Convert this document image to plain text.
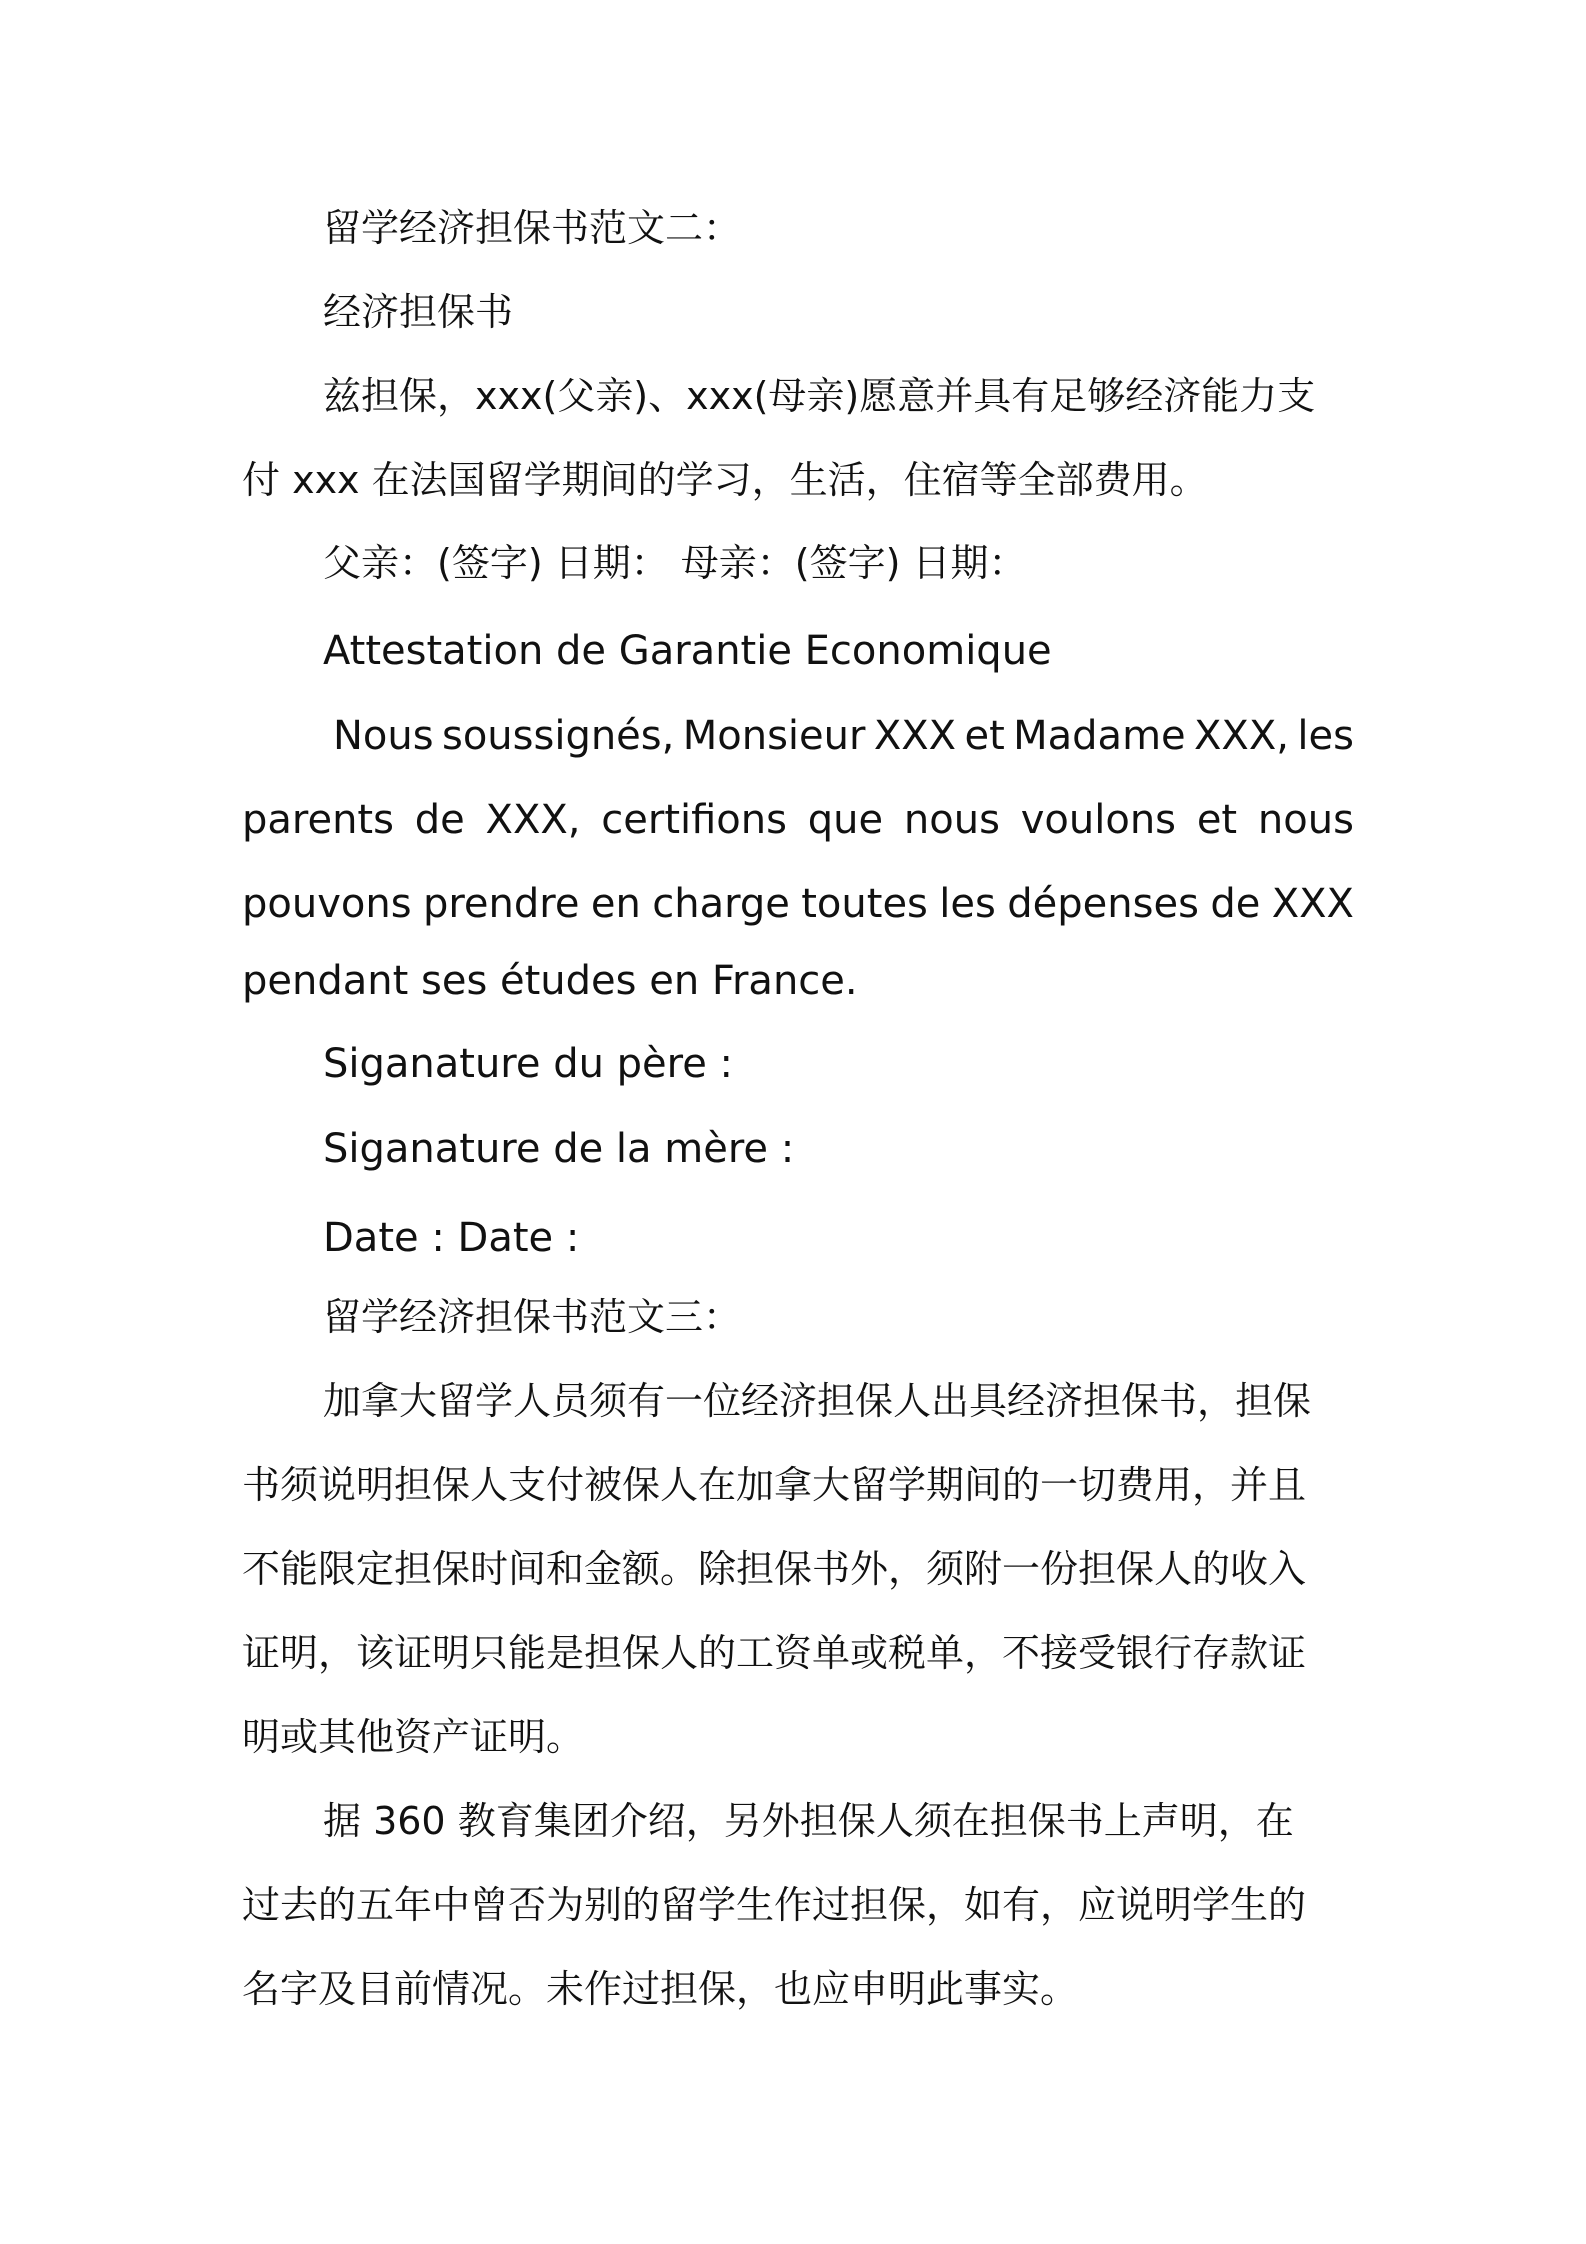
留学经济担保书范文二：
经济担保书
兹担保，xxx(父亲)、xxx(母亲)愿意并具有足够经济能力支
付 xxx 在法国留学期间的学习，生活，住宿等全部费用。
父亲：(签字) 日期： 母亲：(签字) 日期：
Attestation de Garantie Economique
Nous soussignés, Monsieur XXX et Madame XXX, les
parents de XXX, certifions que nous voulons et nous
pouvons prendre en charge toutes les dépenses de XXX
pendant ses études en France.
Siganature du père :
Siganature de la mère :
Date : Date :
留学经济担保书范文三：
加拿大留学人员须有一位经济担保人出具经济担保书，担保
书须说明担保人支付被保人在加拿大留学期间的一切费用，并且
不能限定担保时间和金额。除担保书外，须附一份担保人的收入
证明，该证明只能是担保人的工资单或税单，不接受银行存款证
明或其他资产证明。
据 360 教育集团介绍，另外担保人须在担保书上声明，在
过去的五年中曾否为别的留学生作过担保，如有，应说明学生的
名字及目前情况。未作过担保，也应申明此事实。
